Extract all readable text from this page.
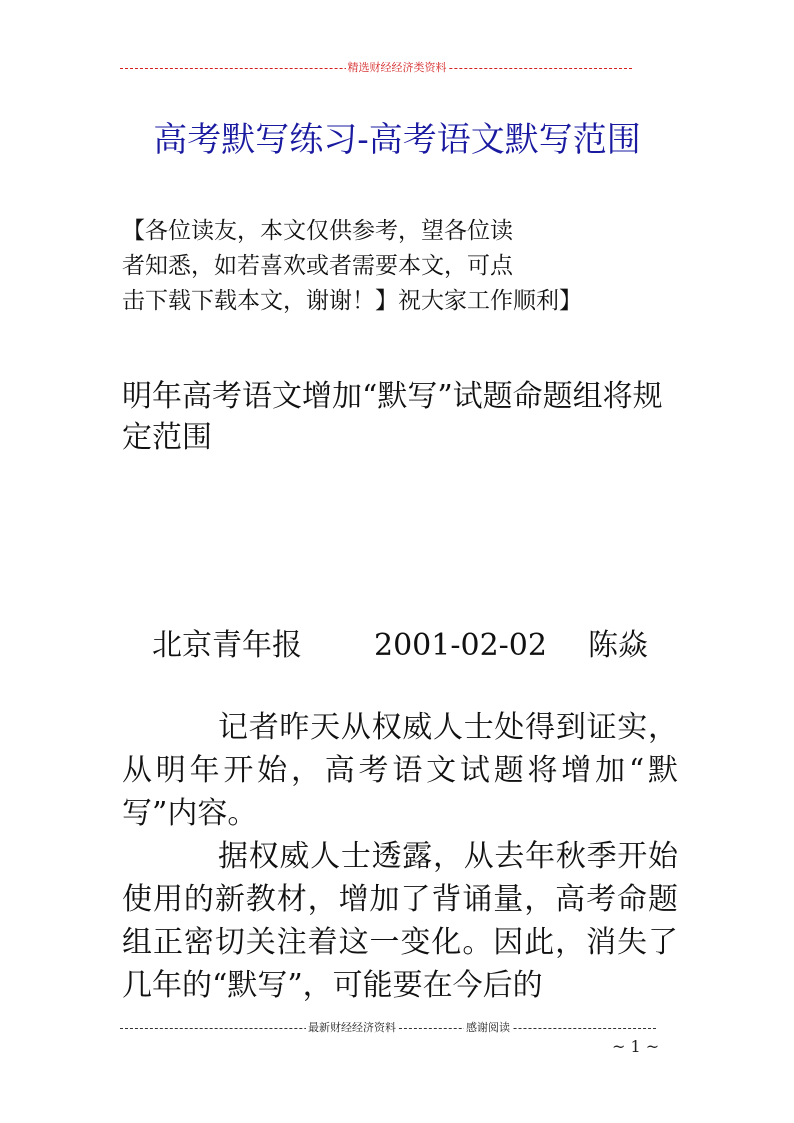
精选财经经济类资料
高考默写练习-高考语文默写范围
【各位读友，本文仅供参考，望各位读
者知悉，如若喜欢或者需要本文，可点
击下载下载本文，谢谢！】祝大家工作顺利】
明年高考语文增加“默写”试题命题组将规定范围
北京青年报 2001-02-02 陈焱

记者昨天从权威人士处得到证实，从明年开始，高考语文试题将增加“默写”内容。

据权威人士透露，从去年秋季开始使用的新教材，增加了背诵量，高考命题组正密切关注着这一变化。因此，消失了几年的“默写”，可能要在今后的

最新财经经济资料	感谢阅读
~ 1 ~
